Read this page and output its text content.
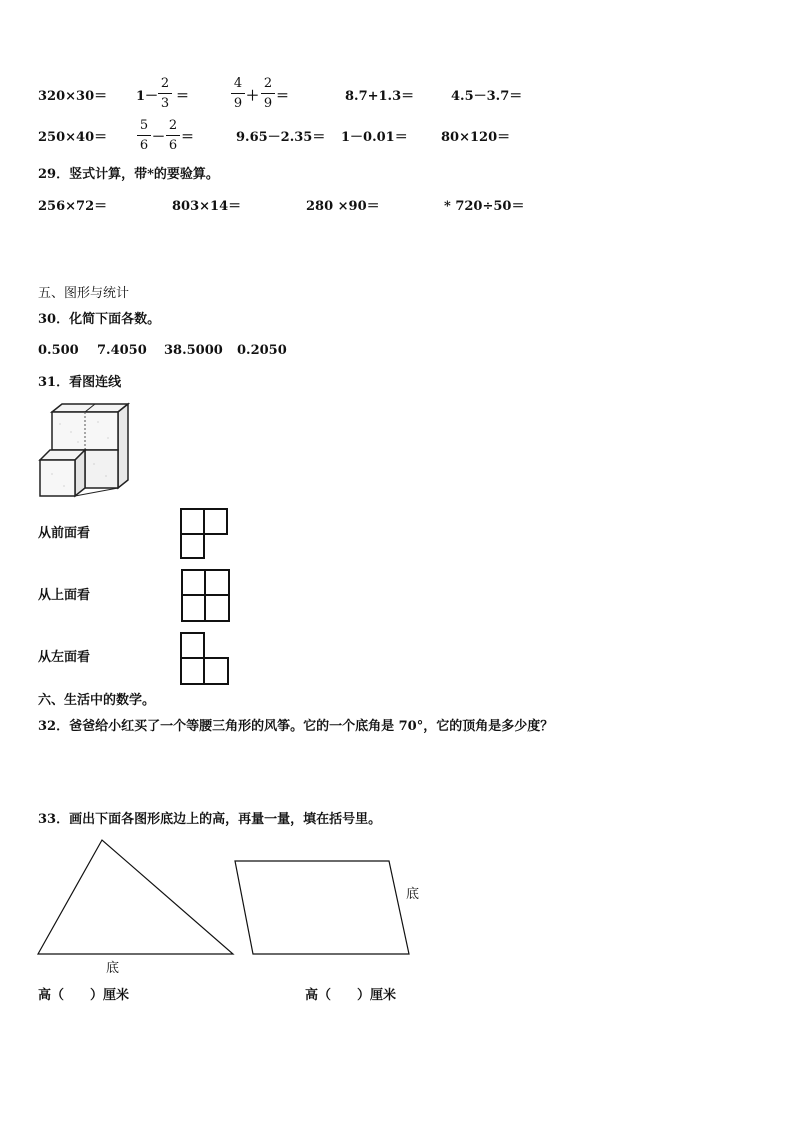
320×30＝ 1－
2
3 ＝
4
9 ＋
2
9 ＝	8.7+1.3＝	4.5－3.7＝
250×40＝
5
6
－
2
6
＝	9.65－2.35＝ 1－0.01＝	80×120＝
29．竖式计算，带*的要验算。
256×72＝	803×14＝	280 ×90＝	* 720÷50＝
五、图形与统计
30．化简下面各数。
0.500 7.4050 38.5000 0.2050
31．看图连线
从前面看
从上面看
从左面看
六、生活中的数学。
32．爸爸给小红买了一个等腰三角形的风筝。它的一个底角是 70°，它的顶角是多少度？
33．画出下面各图形底边上的高，再量一量，填在括号里。
底
底
高（　　）厘米	高（　　）厘米
